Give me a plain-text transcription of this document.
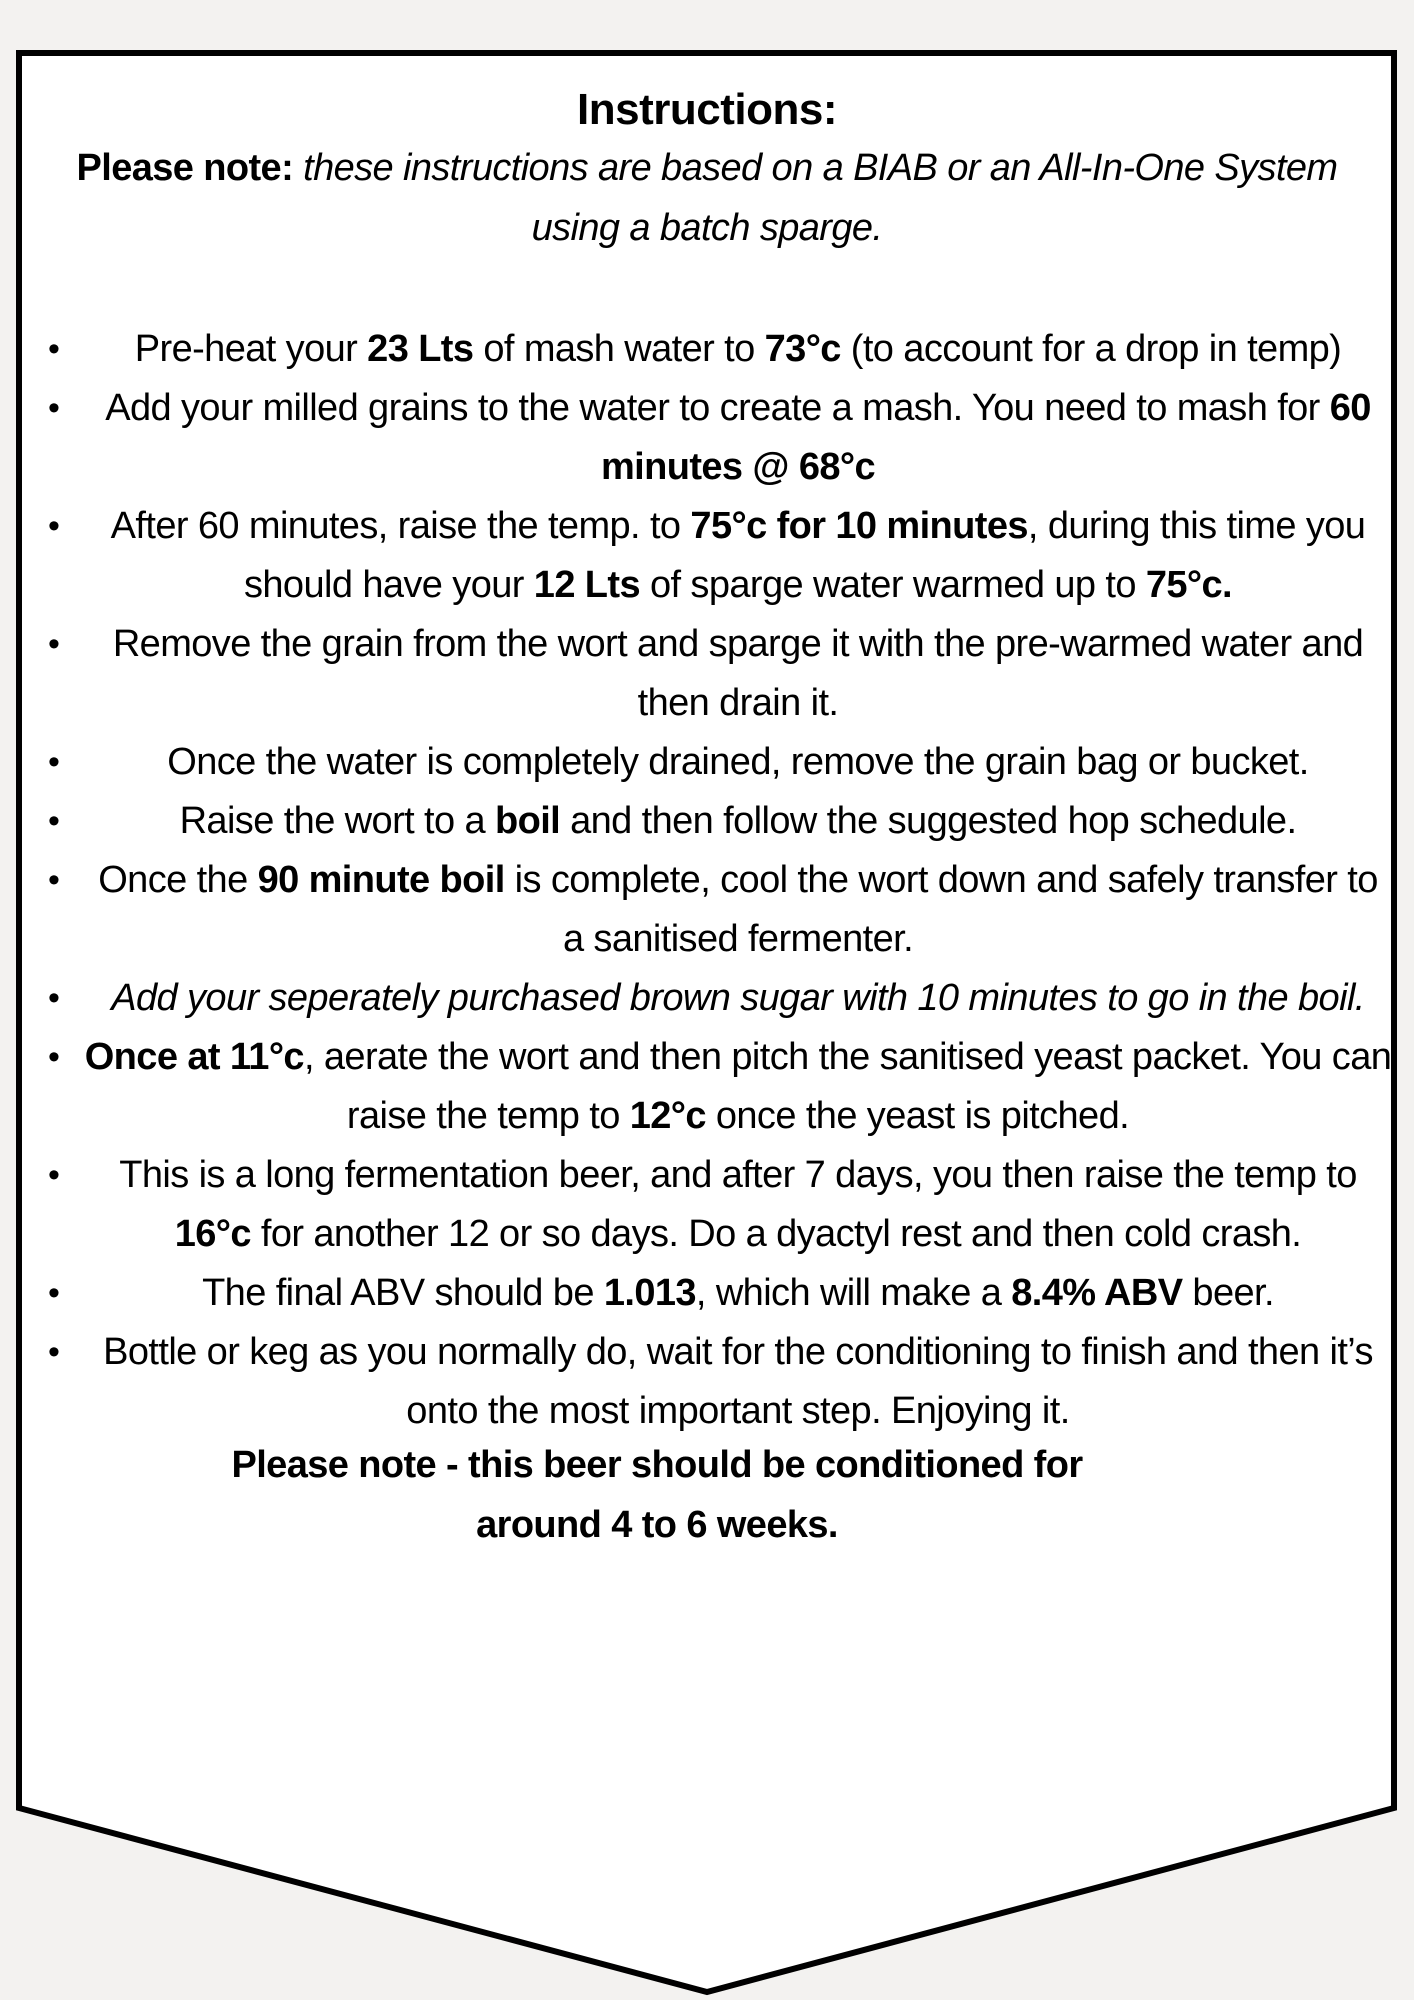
Instructions:
Please note: these instructions are based on a BIAB or an All-In-One System using a batch sparge.
•	Pre-heat your 23 Lts of mash water to 73°c (to account for a drop in temp)
•	Add your milled grains to the water to create a mash. You need to mash for 60 minutes @ 68°c
•	After 60 minutes, raise the temp. to 75°c for 10 minutes, during this time you should have your 12 Lts of sparge water warmed up to 75°c.
•	Remove the grain from the wort and sparge it with the pre-warmed water and then drain it.
•	Once the water is completely drained, remove the grain bag or bucket.
•	Raise the wort to a boil and then follow the suggested hop schedule.
•	Once the 90 minute boil is complete, cool the wort down and safely transfer to a sanitised fermenter.
•	Add your seperately purchased brown sugar with 10 minutes to go in the boil.
• Once at 11°c, aerate the wort and then pitch the sanitised yeast packet. You can raise the temp to 12°c once the yeast is pitched.
•	This is a long fermentation beer, and after 7 days, you then raise the temp to 16°c for another 12 or so days. Do a dyactyl rest and then cold crash.
•	The final ABV should be 1.013, which will make a 8.4% ABV beer.
•	Bottle or keg as you normally do, wait for the conditioning to finish and then it’s onto the most important step. Enjoying it.
Please note - this beer should be conditioned for around 4 to 6 weeks.
